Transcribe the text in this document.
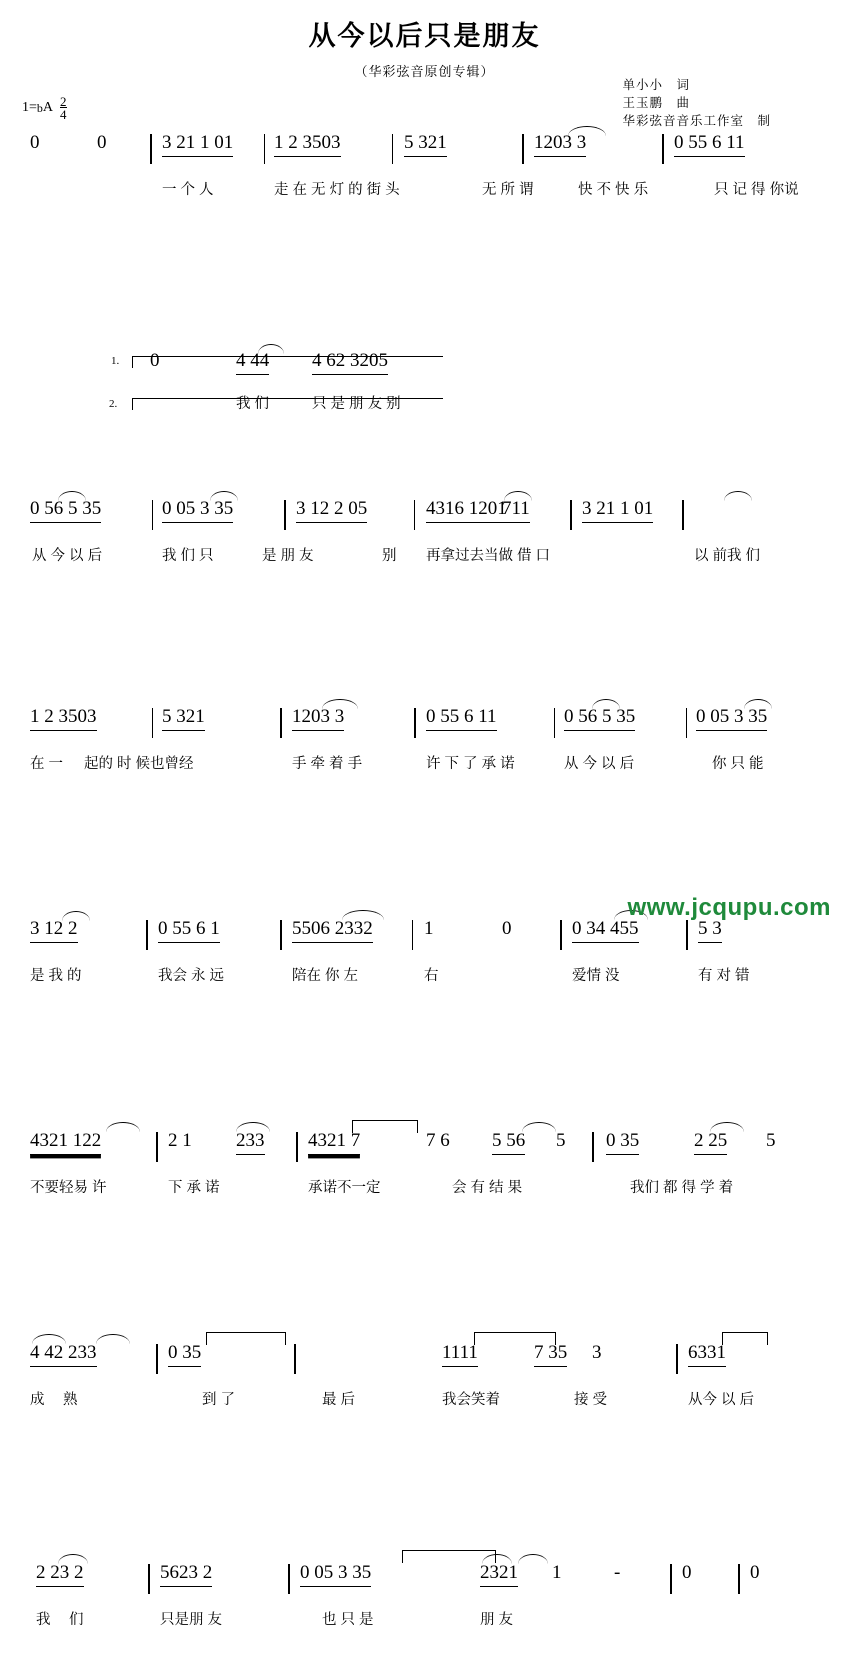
从今以后只是朋友
（华彩弦音原创专辑）
单小小　词
王玉鹏　曲
华彩弦音音乐工作室　制
1= b A 2
4
0	0	3 21 1 01 1 2 3503	5 321	1203 3	0 55 6 11
一 个 人	走 在 无 灯 的 街 头	无 所 谓	快 不 快 乐	只 记 得 你说
1. 0	4 44 4 62 3205
我 们	只 是 朋 友 别
2.
0 56 5 35	0 05 3 35	3 12 2 05	4316 1201
711	3 21 1 01
从 今 以 后	我 们 只	是 朋 友	别 再拿过去当做 借 口	以 前我 们
1 2 3503	5 321	1203 3	0 55 6 11	0 56 5 35	0 05 3 35
在 一 起的 时 候也曾经	手 牵 着 手	许 下 了 承 诺	从 今 以 后	你 只 能
3 12 2	0 55 6 1	5506 2332	1	0	0 34 455	5 3
是 我 的	我会 永 远	陪在 你 左	右	爱情 没	有 对 错
4321 122	2 1 233 4321 7	7 6 5 56 5 0 35	2 25 5
不要轻易 许	下 承 诺	承诺不一定	会 有 结 果	我们 都 得 学 着
4 42 233	0 35	1111	7 35 3	6331
成　 熟	到 了	最 后	我会笑着	接 受	从今 以 后
2 23 2	5623 2	0 05 3 35	2321 1	-	0	0
我　 们	只是朋 友	也 只 是	朋 友
www.jcqupu.com
